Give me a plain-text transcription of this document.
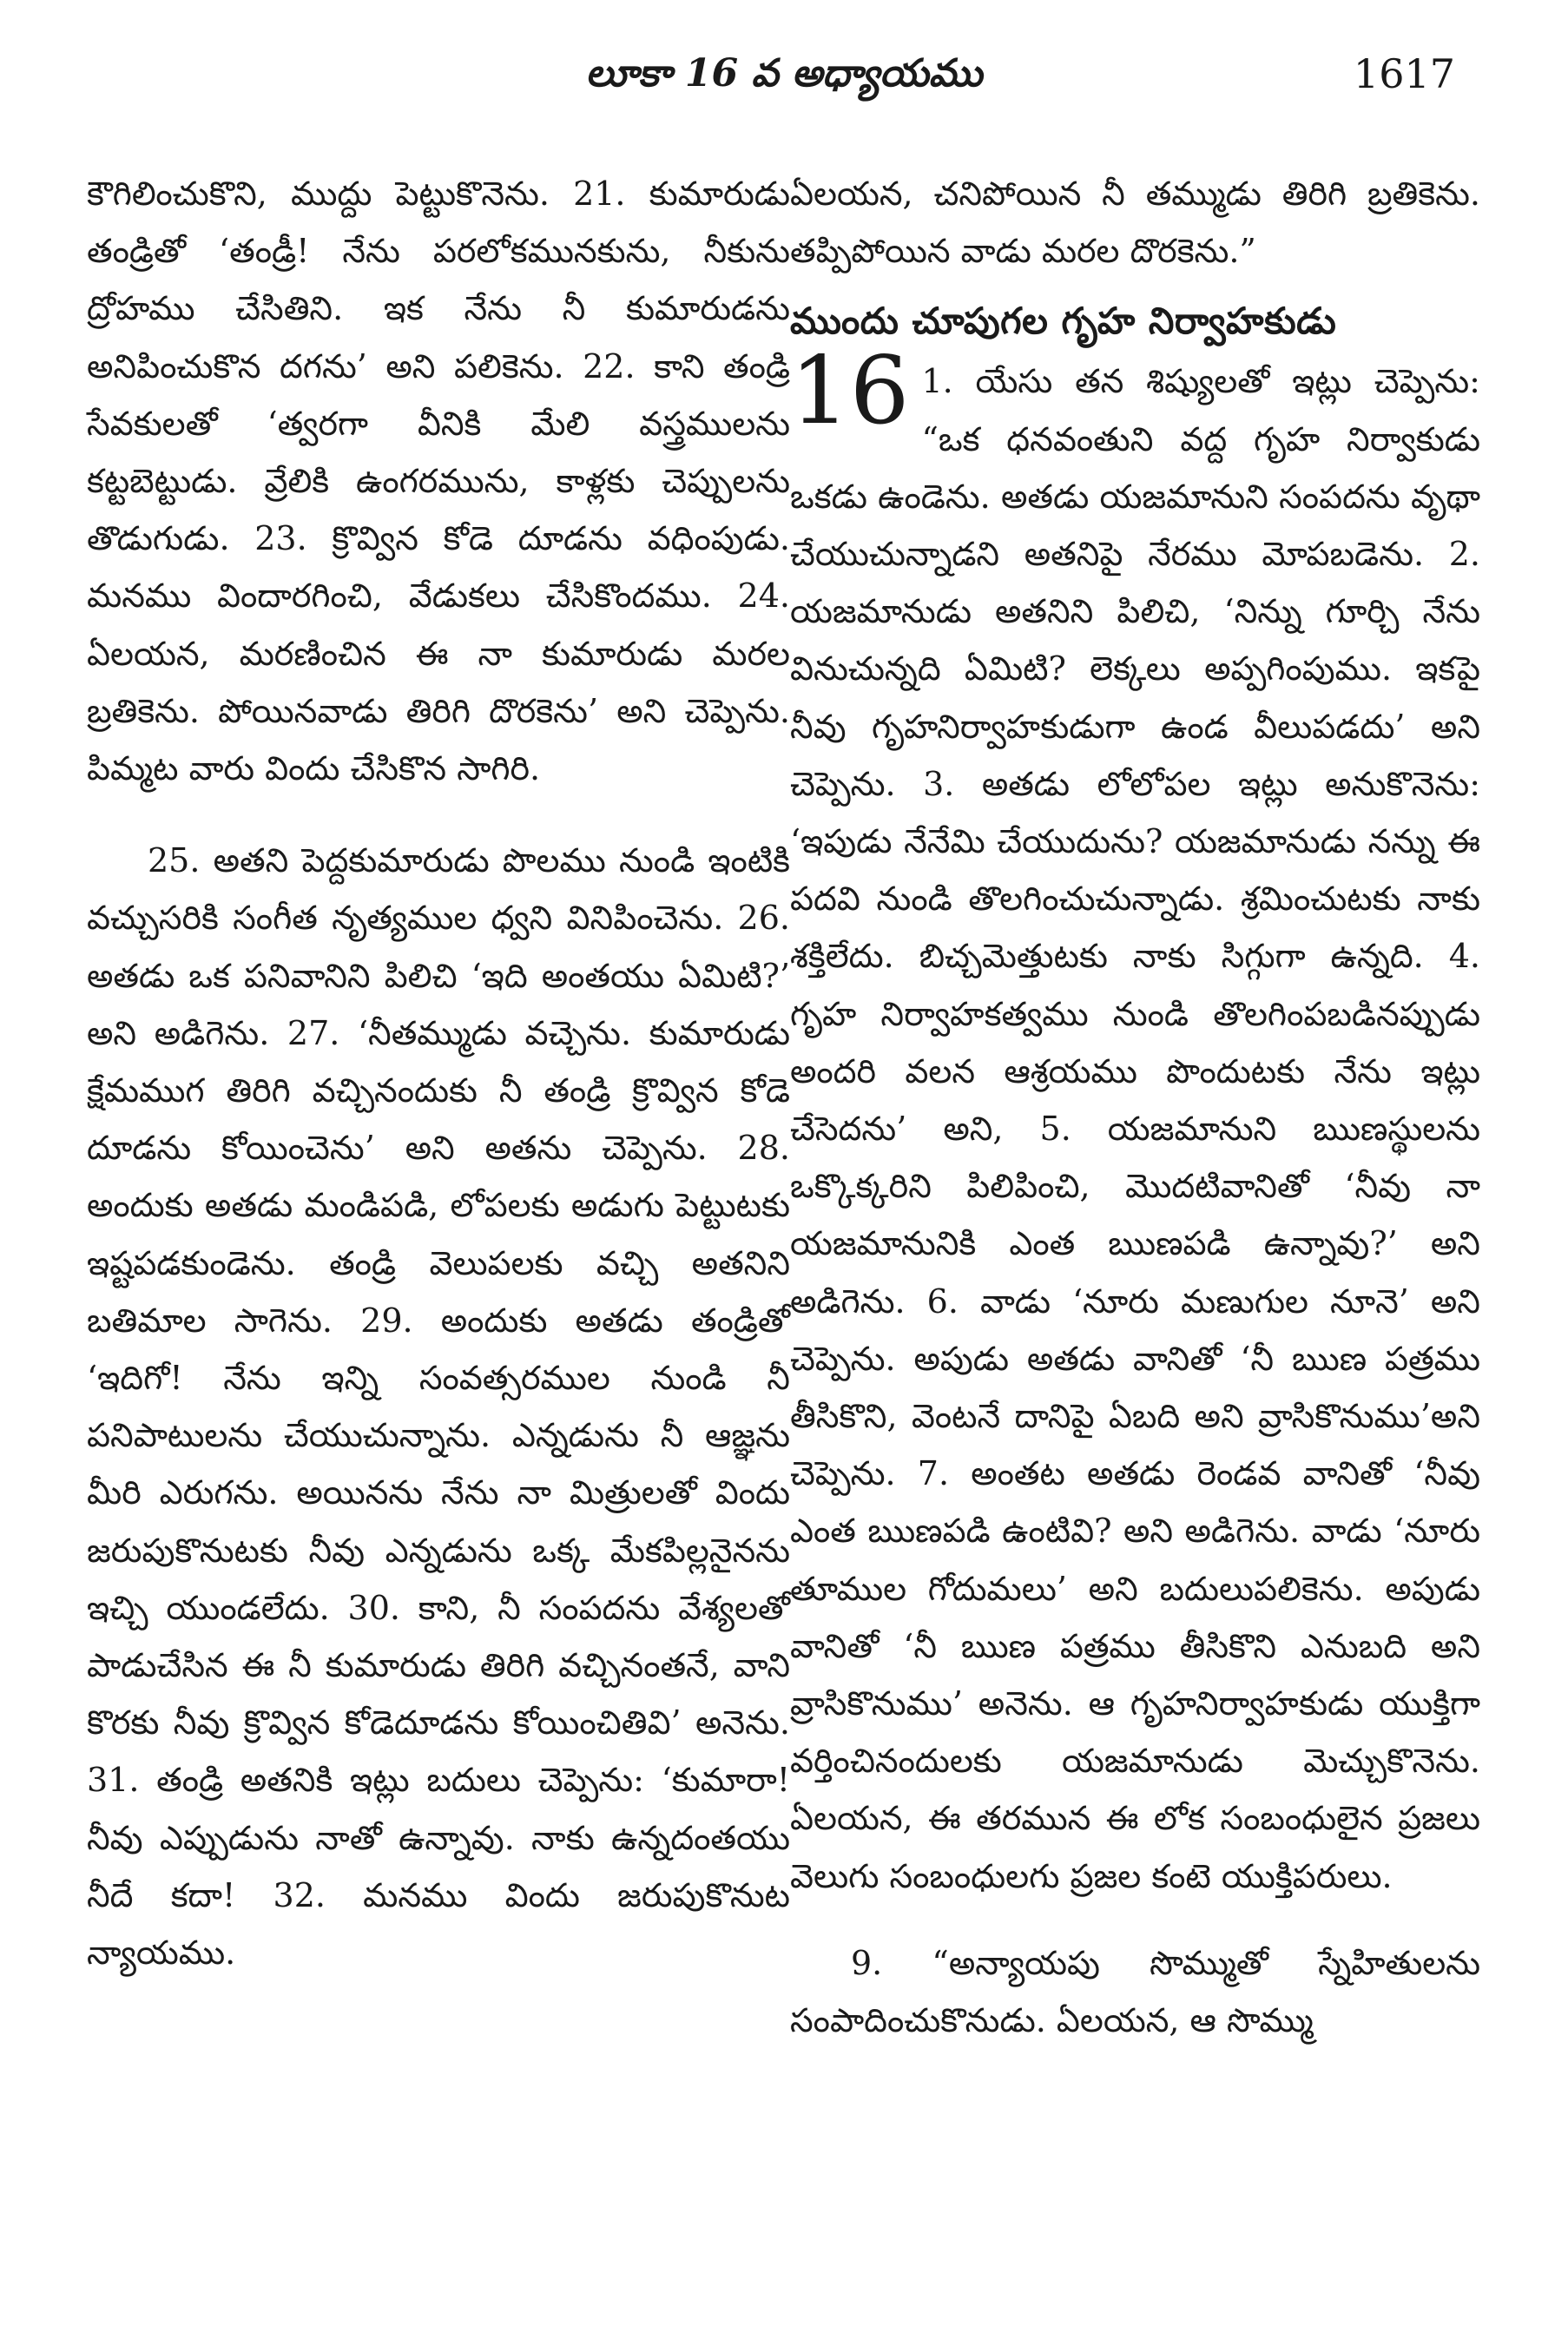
లూకా 16 వ అధ్యాయము	1617

కౌగిలించుకొని, ముద్దు పెట్టుకొనెను. 21. కుమారుడు తండ్రితో ‘తండ్రీ! నేను పరలోకమునకును, నీకును ద్రోహము చేసితిని. ఇక నేను నీ కుమారుడను అనిపించుకొన దగను’ అని పలికెను. 22. కాని తండ్రి సేవకులతో ‘త్వరగా వీనికి మేలి వస్త్రములను కట్టబెట్టుడు. వ్రేలికి ఉంగరమును, కాళ్లకు చెప్పులను తొడుగుడు. 23. క్రొవ్విన కోడె దూడను వధింపుడు. మనము విందారగించి, వేడుకలు చేసికొందము. 24. ఏలయన, మరణించిన ఈ నా కుమారుడు మరల బ్రతికెను. పోయినవాడు తిరిగి దొరకెను’ అని చెప్పెను. పిమ్మట వారు విందు చేసికొన సాగిరి.

25. అతని పెద్దకుమారుడు పొలము నుండి ఇంటికి వచ్చుసరికి సంగీత నృత్యముల ధ్వని వినిపించెను. 26. అతడు ఒక పనివానిని పిలిచి ‘ఇది అంతయు ఏమిటి?’ అని అడిగెను. 27. ‘నీతమ్ముడు వచ్చెను. కుమారుడు క్షేమముగ తిరిగి వచ్చినందుకు నీ తండ్రి క్రొవ్విన కోడె దూడను కోయించెను’ అని అతను చెప్పెను. 28. అందుకు అతడు మండిపడి, లోపలకు అడుగు పెట్టుటకు ఇష్టపడకుండెను. తండ్రి వెలుపలకు వచ్చి అతనిని బతిమాల సాగెను. 29. అందుకు అతడు తండ్రితో ‘ఇదిగో! నేను ఇన్ని సంవత్సరముల నుండి నీ పనిపాటులను చేయుచున్నాను. ఎన్నడును నీ ఆజ్ఞను మీరి ఎరుగను. అయినను నేను నా మిత్రులతో విందు జరుపుకొనుటకు నీవు ఎన్నడును ఒక్క మేకపిల్లనైనను ఇచ్చి యుండలేదు. 30. కాని, నీ సంపదను వేశ్యలతో పాడుచేసిన ఈ నీ కుమారుడు తిరిగి వచ్చినంతనే, వాని కొరకు నీవు క్రొవ్విన కోడెదూడను కోయించితివి’ అనెను. 31. తండ్రి అతనికి ఇట్లు బదులు చెప్పెను: ‘కుమారా! నీవు ఎప్పుడును నాతో ఉన్నావు. నాకు ఉన్నదంతయు నీదే కదా! 32. మనము విందు జరుపుకొనుట న్యాయము.

ఏలయన, చనిపోయిన నీ తమ్ముడు తిరిగి బ్రతికెను. తప్పిపోయిన వాడు మరల దొరకెను.”

ముందు చూపుగల గృహ నిర్వాహకుడు

16 1. యేసు తన శిష్యులతో ఇట్లు చెప్పెను: “ఒక ధనవంతుని వద్ద గృహ నిర్వాకుడు ఒకడు ఉండెను. అతడు యజమానుని సంపదను వృథా చేయుచున్నాడని అతనిపై నేరము మోపబడెను. 2. యజమానుడు అతనిని పిలిచి, ‘నిన్ను గూర్చి నేను వినుచున్నది ఏమిటి? లెక్కలు అప్పగింపుము. ఇకపై నీవు గృహనిర్వాహకుడుగా ఉండ వీలుపడదు’ అని చెప్పెను. 3. అతడు లోలోపల ఇట్లు అనుకొనెను: ‘ఇపుడు నేనేమి చేయుదును? యజమానుడు నన్ను ఈ పదవి నుండి తొలగించుచున్నాడు. శ్రమించుటకు నాకు శక్తిలేదు. బిచ్చమెత్తుటకు నాకు సిగ్గుగా ఉన్నది. 4. గృహ నిర్వాహకత్వము నుండి తొలగింపబడినప్పుడు అందరి వలన ఆశ్రయము పొందుటకు నేను ఇట్లు చేసెదను’ అని, 5. యజమానుని ఋణస్థులను ఒక్కొక్కరిని పిలిపించి, మొదటివానితో ‘నీవు నా యజమానునికి ఎంత ఋణపడి ఉన్నావు?’ అని అడిగెను. 6. వాడు ‘నూరు మణుగుల నూనె’ అని చెప్పెను. అపుడు అతడు వానితో ‘నీ ఋణ పత్రము తీసికొని, వెంటనే దానిపై ఏబది అని వ్రాసికొనుము’అని చెప్పెను. 7. అంతట అతడు రెండవ వానితో ‘నీవు ఎంత ఋణపడి ఉంటివి? అని అడిగెను. వాడు ‘నూరు తూముల గోదుమలు’ అని బదులుపలికెను. అపుడు వానితో ‘నీ ఋణ పత్రము తీసికొని ఎనుబది అని వ్రాసికొనుము’ అనెను. ఆ గృహనిర్వాహకుడు యుక్తిగా వర్తించినందులకు యజమానుడు మెచ్చుకొనెను. ఏలయన, ఈ తరమున ఈ లోక సంబంధులైన ప్రజలు వెలుగు సంబంధులగు ప్రజల కంటె యుక్తిపరులు.

9. “అన్యాయపు సొమ్ముతో స్నేహితులను సంపాదించుకొనుడు. ఏలయన, ఆ సొమ్ము
